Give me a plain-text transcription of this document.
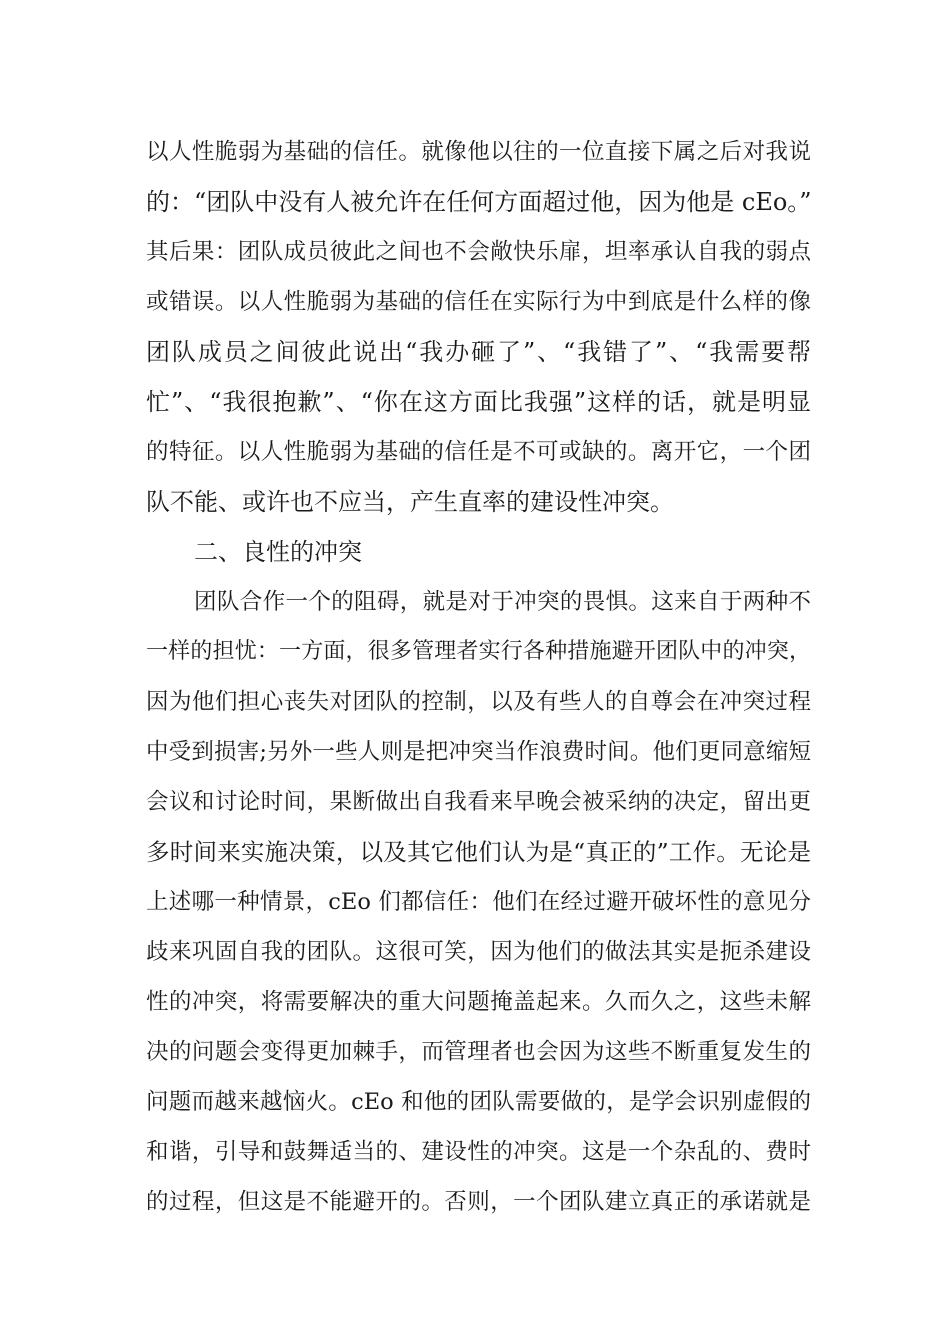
以人性脆弱为基础的信任。就像他以往的一位直接下属之后对我说
的：“团队中没有人被允许在任何方面超过他，因为他是 cEo。”
其后果：团队成员彼此之间也不会敞快乐扉，坦率承认自我的弱点
或错误。以人性脆弱为基础的信任在实际行为中到底是什么样的像
团队成员之间彼此说出“我办砸了”、“我错了”、“我需要帮
忙”、“我很抱歉”、“你在这方面比我强”这样的话，就是明显
的特征。以人性脆弱为基础的信任是不可或缺的。离开它，一个团
队不能、或许也不应当，产生直率的建设性冲突。
二、良性的冲突
团队合作一个的阻碍，就是对于冲突的畏惧。这来自于两种不
一样的担忧：一方面，很多管理者实行各种措施避开团队中的冲突，
因为他们担心丧失对团队的控制，以及有些人的自尊会在冲突过程
中受到损害;另外一些人则是把冲突当作浪费时间。他们更同意缩短
会议和讨论时间，果断做出自我看来早晚会被采纳的决定，留出更
多时间来实施决策，以及其它他们认为是“真正的”工作。无论是
上述哪一种情景，cEo 们都信任：他们在经过避开破坏性的意见分
歧来巩固自我的团队。这很可笑，因为他们的做法其实是扼杀建设
性的冲突，将需要解决的重大问题掩盖起来。久而久之，这些未解
决的问题会变得更加棘手，而管理者也会因为这些不断重复发生的
问题而越来越恼火。cEo 和他的团队需要做的，是学会识别虚假的
和谐，引导和鼓舞适当的、建设性的冲突。这是一个杂乱的、费时
的过程，但这是不能避开的。否则，一个团队建立真正的承诺就是
